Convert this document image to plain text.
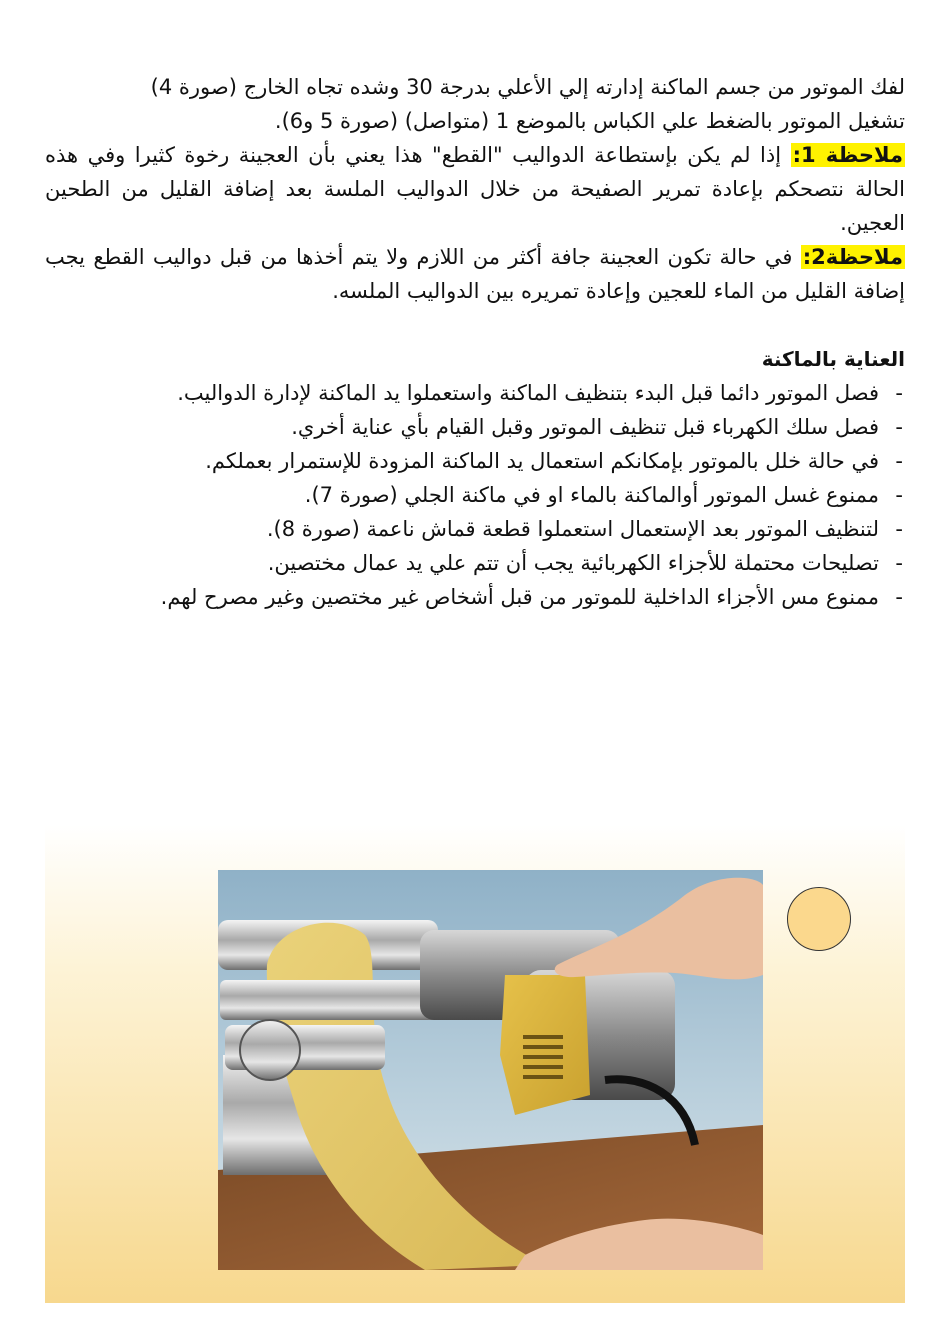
لفك الموتور من جسم الماكنة إدارته إلي الأعلي بدرجة 30 وشده تجاه الخارج (صورة 4)

تشغيل الموتور بالضغط علي الكباس بالموضع 1 (متواصل) (صورة 5 و6).

ملاحظة 1: إذا لم يكن بإستطاعة الدواليب "القطع" هذا يعني بأن العجينة رخوة كثيرا وفي هذه الحالة نتصحكم بإعادة تمرير الصفيحة من خلال الدواليب الملسة بعد إضافة القليل من الطحين العجين.

ملاحظة2: في حالة تكون العجينة جافة أكثر من اللازم ولا يتم أخذها من قبل دواليب القطع يجب إضافة القليل من الماء للعجين وإعادة تمريره بين الدواليب الملسه.

العناية بالماكنة
-
فصل الموتور دائما قبل البدء بتنظيف الماكنة واستعملوا يد الماكنة لإدارة الدواليب.
-
فصل سلك الكهرباء قبل تنظيف الموتور وقبل القيام بأي عناية أخري.
-
في حالة خلل بالموتور بإمكانكم استعمال يد الماكنة المزودة للإستمرار بعملكم.
-
ممنوع غسل الموتور أوالماكنة بالماء او في ماكنة الجلي (صورة 7).
-
لتنظيف الموتور بعد الإستعمال استعملوا قطعة قماش ناعمة (صورة 8).
-
تصليحات محتملة للأجزاء الكهربائية يجب أن تتم علي يد عمال مختصين.
-
ممنوع مس الأجزاء الداخلية للموتور من قبل أشخاص غير مختصين وغير مصرح لهم.
